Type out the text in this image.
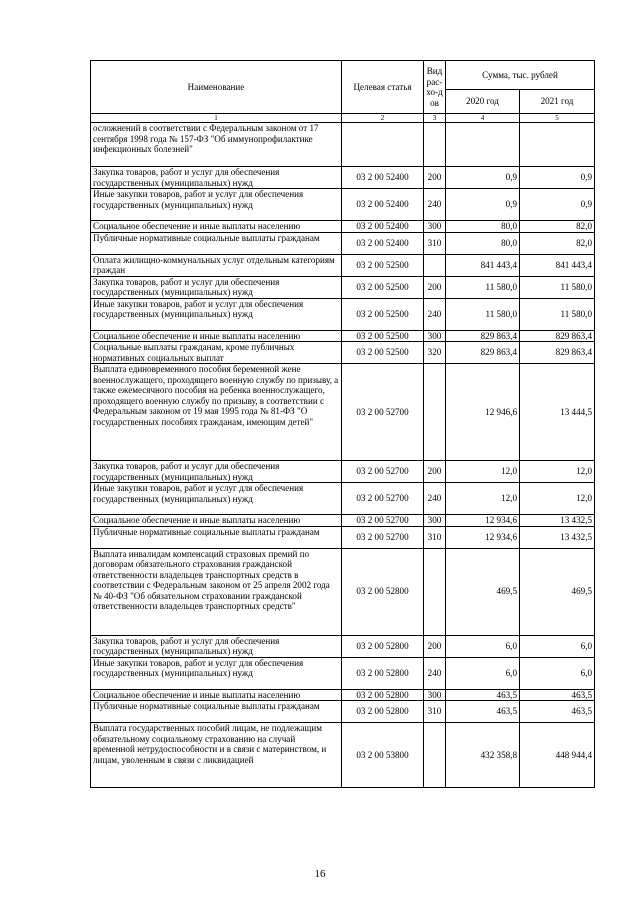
Наименование	Целевая статья	Вид рас-хо-дов	Сумма, тыс. рублей	
			2020 год	2021 год
1	2	3	4	5
осложнений в соответствии с Федеральным законом от 17 сентября 1998 года № 157-ФЗ "Об иммунопрофилактике инфекционных болезней"				
Закупка товаров, работ и услуг для обеспечения государственных (муниципальных) нужд	03 2 00 52400	200	0,9	0,9
Иные закупки товаров, работ и услуг для обеспечения государственных (муниципальных) нужд	03 2 00 52400	240	0,9	0,9
Социальное обеспечение и иные выплаты населению	03 2 00 52400	300	80,0	82,0
Публичные нормативные социальные выплаты гражданам	03 2 00 52400	310	80,0	82,0
Оплата жилищно-коммунальных услуг отдельным категориям граждан	03 2 00 52500		841 443,4	841 443,4
Закупка товаров, работ и услуг для обеспечения государственных (муниципальных) нужд	03 2 00 52500	200	11 580,0	11 580,0
Иные закупки товаров, работ и услуг для обеспечения государственных (муниципальных) нужд	03 2 00 52500	240	11 580,0	11 580,0
Социальное обеспечение и иные выплаты населению	03 2 00 52500	300	829 863,4	829 863,4
Социальные выплаты гражданам, кроме публичных нормативных социальных выплат	03 2 00 52500	320	829 863,4	829 863,4
Выплата единовременного пособия беременной жене военнослужащего, проходящего военную службу по призыву, а также ежемесячного пособия на ребенка военнослужащего, проходящего военную службу по призыву, в соответствии с Федеральным законом от 19 мая 1995 года № 81-ФЗ "О государственных пособиях гражданам, имеющим детей"	03 2 00 52700		12 946,6	13 444,5
Закупка товаров, работ и услуг для обеспечения государственных (муниципальных) нужд	03 2 00 52700	200	12,0	12,0
Иные закупки товаров, работ и услуг для обеспечения государственных (муниципальных) нужд	03 2 00 52700	240	12,0	12,0
Социальное обеспечение и иные выплаты населению	03 2 00 52700	300	12 934,6	13 432,5
Публичные нормативные социальные выплаты гражданам	03 2 00 52700	310	12 934,6	13 432,5
Выплата инвалидам компенсаций страховых премий по договорам обязательного страхования гражданской ответственности владельцев транспортных средств в соответствии с Федеральным законом от 25 апреля 2002 года № 40-ФЗ "Об обязательном страховании гражданской ответственности владельцев транспортных средств"	03 2 00 52800		469,5	469,5
Закупка товаров, работ и услуг для обеспечения государственных (муниципальных) нужд	03 2 00 52800	200	6,0	6,0
Иные закупки товаров, работ и услуг для обеспечения государственных (муниципальных) нужд	03 2 00 52800	240	6,0	6,0
Социальное обеспечение и иные выплаты населению	03 2 00 52800	300	463,5	463,5
Публичные нормативные социальные выплаты гражданам	03 2 00 52800	310	463,5	463,5
Выплата государственных пособий лицам, не подлежащим обязательному социальному страхованию на случай временной нетрудоспособности и в связи с материнством, и лицам, уволенным в связи с ликвидацией	03 2 00 53800		432 358,8	448 944,4
16
